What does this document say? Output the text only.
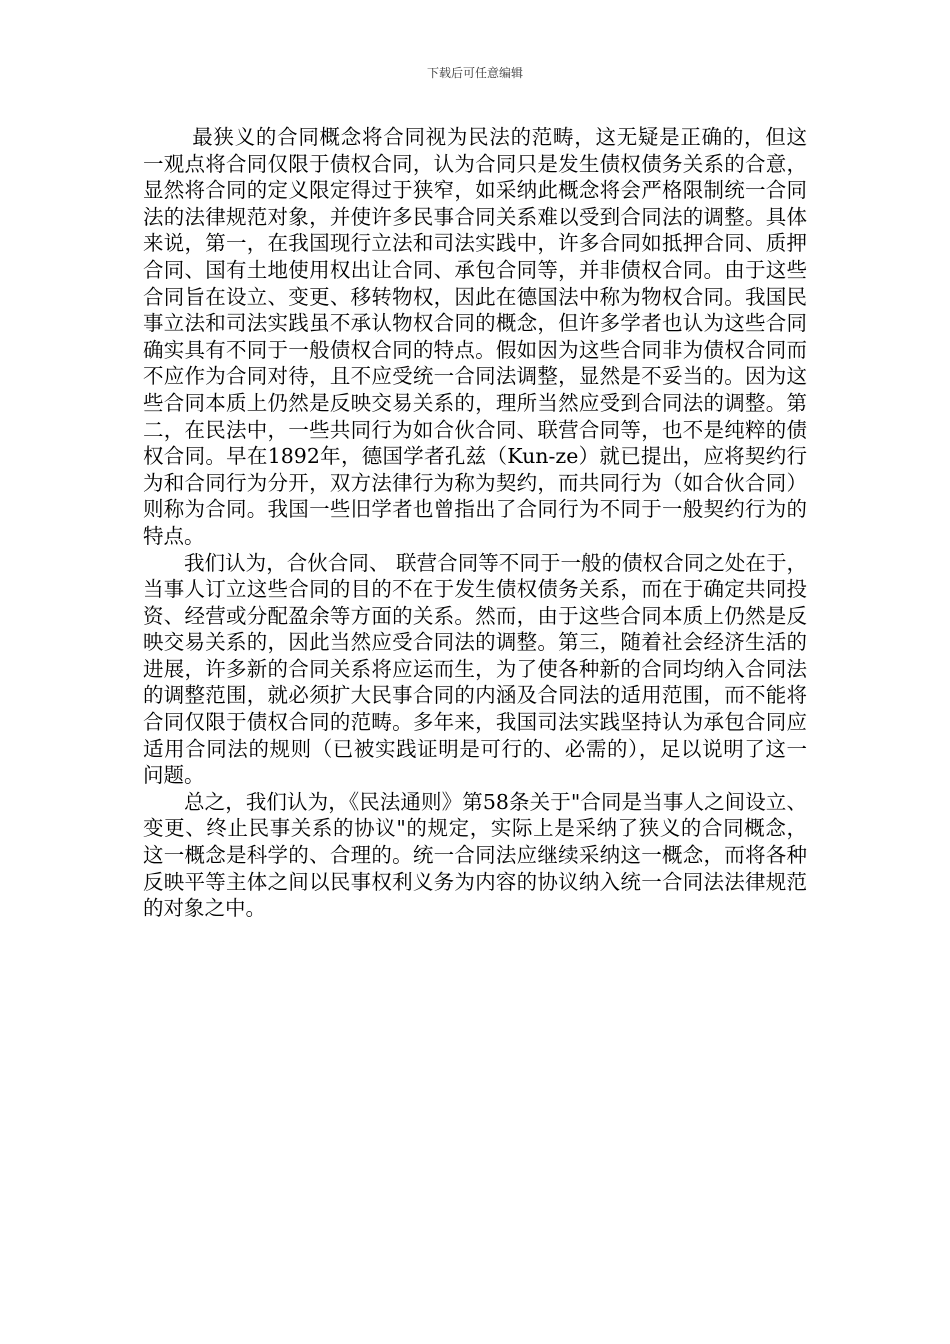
下载后可任意编辑

最狭义的合同概念将合同视为民法的范畴，这无疑是正确的，但这一观点将合同仅限于债权合同，认为合同只是发生债权债务关系的合意，显然将合同的定义限定得过于狭窄，如采纳此概念将会严格限制统一合同法的法律规范对象，并使许多民事合同关系难以受到合同法的调整。具体来说，第一，在我国现行立法和司法实践中，许多合同如抵押合同、质押合同、国有土地使用权出让合同、承包合同等，并非债权合同。由于这些合同旨在设立、变更、移转物权，因此在德国法中称为物权合同。我国民事立法和司法实践虽不承认物权合同的概念，但许多学者也认为这些合同确实具有不同于一般债权合同的特点。假如因为这些合同非为债权合同而不应作为合同对待，且不应受统一合同法调整，显然是不妥当的。因为这些合同本质上仍然是反映交易关系的，理所当然应受到合同法的调整。第二，在民法中，一些共同行为如合伙合同、联营合同等，也不是纯粹的债权合同。早在1892年，德国学者孔兹（Kun-ze）就已提出，应将契约行为和合同行为分开，双方法律行为称为契约，而共同行为（如合伙合同）则称为合同。我国一些旧学者也曾指出了合同行为不同于一般契约行为的特点。

我们认为，合伙合同、 联营合同等不同于一般的债权合同之处在于，当事人订立这些合同的目的不在于发生债权债务关系，而在于确定共同投资、经营或分配盈余等方面的关系。然而，由于这些合同本质上仍然是反映交易关系的，因此当然应受合同法的调整。第三，随着社会经济生活的进展，许多新的合同关系将应运而生，为了使各种新的合同均纳入合同法的调整范围，就必须扩大民事合同的内涵及合同法的适用范围，而不能将合同仅限于债权合同的范畴。多年来，我国司法实践坚持认为承包合同应适用合同法的规则（已被实践证明是可行的、必需的），足以说明了这一问题。

总之，我们认为，《民法通则》第58条关于"合同是当事人之间设立、变更、终止民事关系的协议"的规定，实际上是采纳了狭义的合同概念，这一概念是科学的、合理的。统一合同法应继续采纳这一概念，而将各种反映平等主体之间以民事权利义务为内容的协议纳入统一合同法法律规范的对象之中。
